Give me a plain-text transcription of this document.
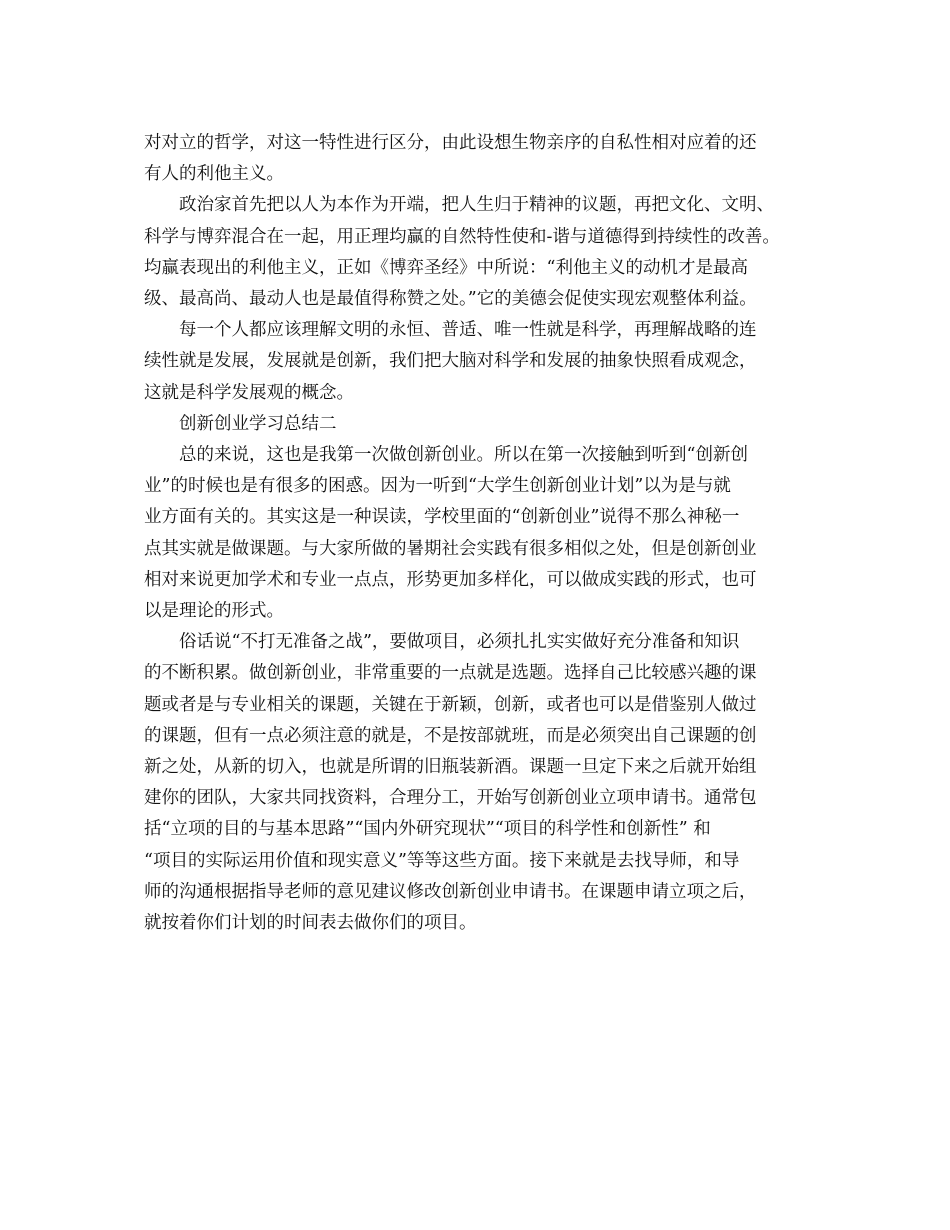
对对立的哲学，对这一特性进行区分，由此设想生物亲序的自私性相对应着的还
有人的利他主义。
政治家首先把以人为本作为开端，把人生归于精神的议题，再把文化、文明、
科学与博弈混合在一起，用正理均赢的自然特性使和-谐与道德得到持续性的改善。
均赢表现出的利他主义，正如《博弈圣经》中所说：“利他主义的动机才是最高
级、最高尚、最动人也是最值得称赞之处。”它的美德会促使实现宏观整体利益。
每一个人都应该理解文明的永恒、普适、唯一性就是科学，再理解战略的连
续性就是发展，发展就是创新，我们把大脑对科学和发展的抽象快照看成观念，
这就是科学发展观的概念。
创新创业学习总结二
总的来说，这也是我第一次做创新创业。所以在第一次接触到听到“创新创
业”的时候也是有很多的困惑。因为一听到“大学生创新创业计划”以为是与就
业方面有关的。其实这是一种误读，学校里面的“创新创业”说得不那么神秘一
点其实就是做课题。与大家所做的暑期社会实践有很多相似之处，但是创新创业
相对来说更加学术和专业一点点，形势更加多样化，可以做成实践的形式，也可
以是理论的形式。
俗话说“不打无准备之战”，要做项目，必须扎扎实实做好充分准备和知识
的不断积累。做创新创业，非常重要的一点就是选题。选择自己比较感兴趣的课
题或者是与专业相关的课题，关键在于新颖，创新，或者也可以是借鉴别人做过
的课题，但有一点必须注意的就是，不是按部就班，而是必须突出自己课题的创
新之处，从新的切入，也就是所谓的旧瓶装新酒。课题一旦定下来之后就开始组
建你的团队，大家共同找资料，合理分工，开始写创新创业立项申请书。通常包
括“立项的目的与基本思路”“国内外研究现状”“项目的科学性和创新性” 和
“项目的实际运用价值和现实意义”等等这些方面。接下来就是去找导师，和导
师的沟通根据指导老师的意见建议修改创新创业申请书。在课题申请立项之后，
就按着你们计划的时间表去做你们的项目。
